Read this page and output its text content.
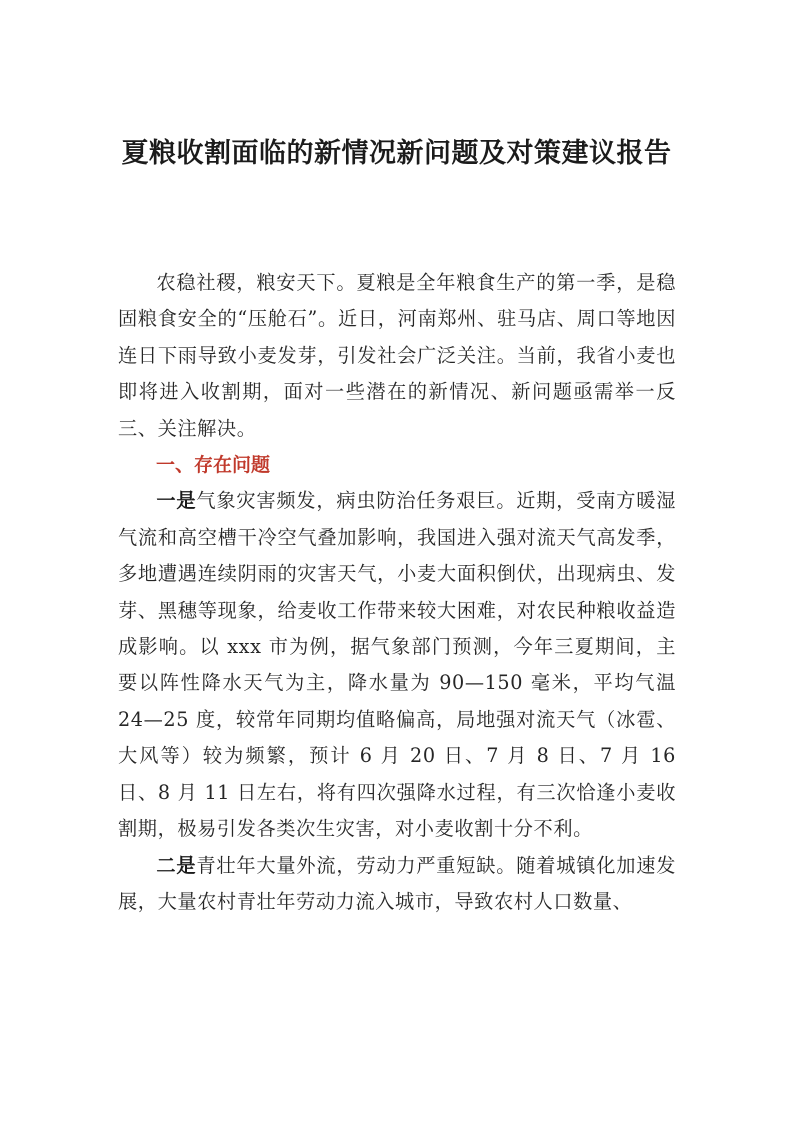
夏粮收割面临的新情况新问题及对策建议报告

农稳社稷，粮安天下。夏粮是全年粮食生产的第一季，是稳固粮食安全的“压舱石”。近日，河南郑州、驻马店、周口等地因连日下雨导致小麦发芽，引发社会广泛关注。当前，我省小麦也即将进入收割期，面对一些潜在的新情况、新问题亟需举一反三、关注解决。

一、存在问题

一是气象灾害频发，病虫防治任务艰巨。近期，受南方暖湿气流和高空槽干冷空气叠加影响，我国进入强对流天气高发季，多地遭遇连续阴雨的灾害天气，小麦大面积倒伏，出现病虫、发芽、黑穗等现象，给麦收工作带来较大困难，对农民种粮收益造成影响。以 xxx 市为例，据气象部门预测，今年三夏期间，主要以阵性降水天气为主，降水量为 90—150 毫米，平均气温 24—25 度，较常年同期均值略偏高，局地强对流天气（冰雹、大风等）较为频繁，预计 6 月 20 日、7 月 8 日、7 月 16 日、8 月 11 日左右，将有四次强降水过程，有三次恰逢小麦收割期，极易引发各类次生灾害，对小麦收割十分不利。

二是青壮年大量外流，劳动力严重短缺。随着城镇化加速发展，大量农村青壮年劳动力流入城市，导致农村人口数量、
